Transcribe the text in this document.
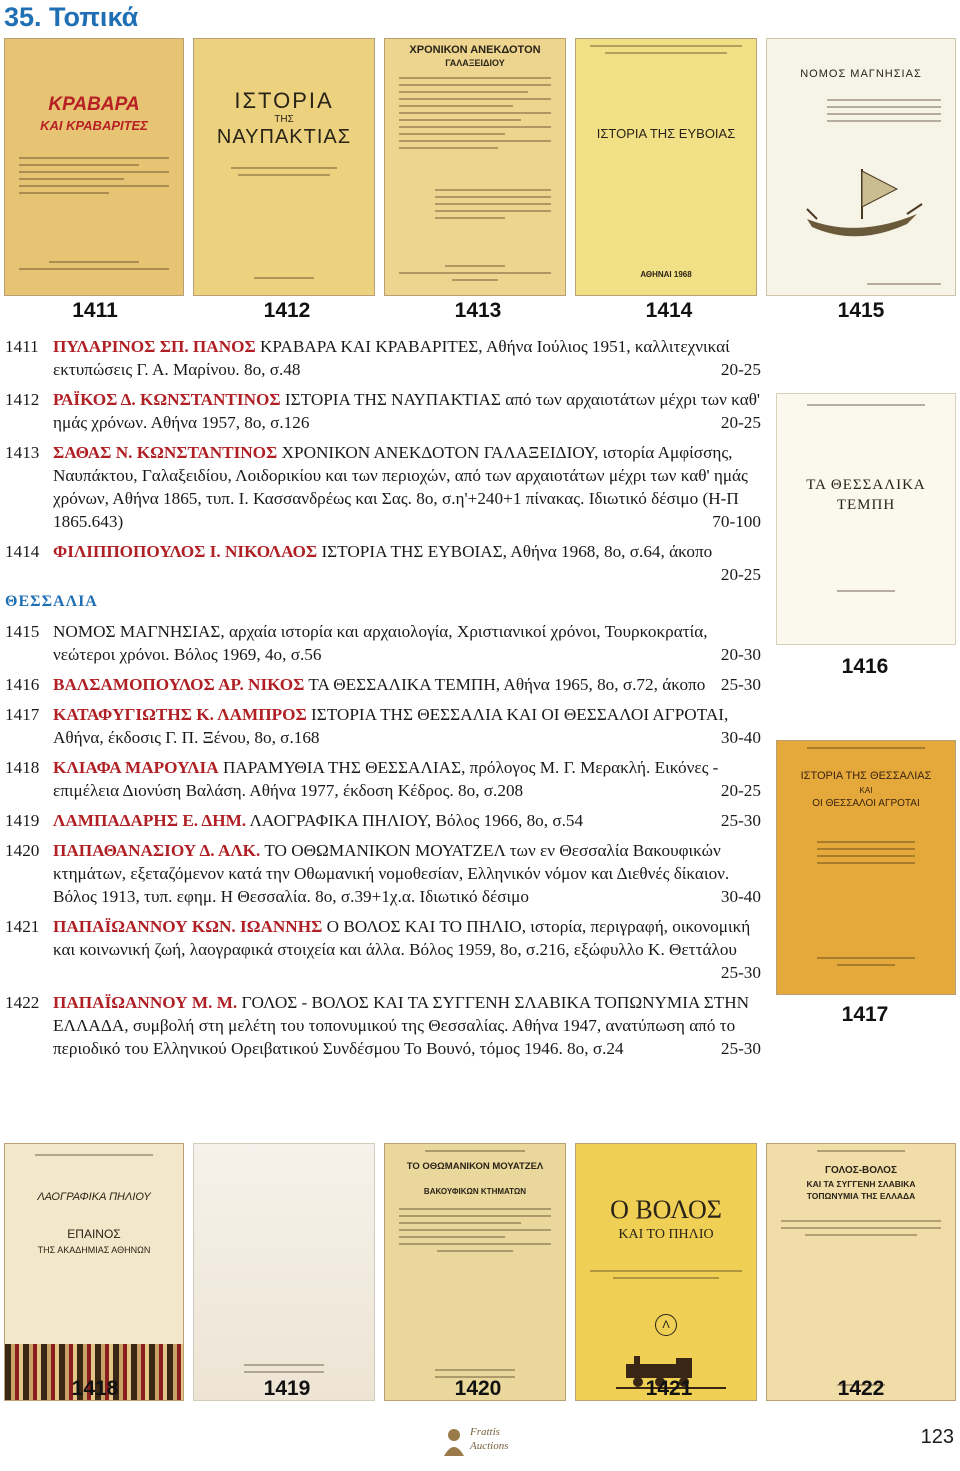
35. Τοπικά
ΚΡΑΒΑΡΑ
ΚΑΙ ΚΡΑΒΑΡΙΤΕΣ
ΙΣΤΟΡΙΑ
ΤΗΣ
ΝΑΥΠΑΚΤΙΑΣ
ΧΡΟΝΙΚΟΝ ΑΝΕΚΔΟΤΟΝ
ΓΑΛΑΞΕΙΔΙΟΥ
ΙΣΤΟΡΙΑ ΤΗΣ ΕΥΒΟΙΑΣ
ΑΘΗΝΑΙ 1968
ΝΟΜΟΣ ΜΑΓΝΗΣΙΑΣ
1411	1412	1413	1414	1415
ΤΑ ΘΕΣΣΑΛΙΚΑ
ΤΕΜΠΗ
1416
ΙΣΤΟΡΙΑ ΤΗΣ ΘΕΣΣΑΛΙΑΣ
ΚΑΙ
ΟΙ ΘΕΣΣΑΛΟΙ ΑΓΡΟΤΑΙ
1417
1411 ΠΥΛΑΡΙΝΟΣ ΣΠ. ΠΑΝΟΣ ΚΡΑΒΑΡΑ ΚΑΙ ΚΡΑΒΑΡΙΤΕΣ, Αθήνα Ιούλιος 1951, καλλιτεχνικαί εκτυπώσεις Γ. Α. Μαρίνου. 8ο, σ.48	20-25
1412 ΡΑΪΚΟΣ Δ. ΚΩΝΣΤΑΝΤΙΝΟΣ ΙΣΤΟΡΙΑ ΤΗΣ ΝΑΥΠΑΚΤΙΑΣ από των αρχαιοτάτων μέχρι των καθ' ημάς χρόνων. Αθήνα 1957, 8ο, σ.126	20-25
1413 ΣΑΘΑΣ Ν. ΚΩΝΣΤΑΝΤΙΝΟΣ ΧΡΟΝΙΚΟΝ ΑΝΕΚΔΟΤΟΝ ΓΑΛΑΞΕΙΔΙΟΥ, ιστορία Αμφίσσης, Ναυπάκτου, Γαλαξειδίου, Λοιδορικίου και των περιοχών, από των αρχαιοτάτων μέχρι των καθ' ημάς χρόνων, Αθήνα 1865, τυπ. Ι. Κασσανδρέως και Σας. 8ο, σ.η'+240+1 πίνακας. Ιδιωτικό δέσιμο (Η-Π 1865.643)	70-100
1414 ΦΙΛΙΠΠΟΠΟΥΛΟΣ Ι. ΝΙΚΟΛΑΟΣ ΙΣΤΟΡΙΑ ΤΗΣ ΕΥΒΟΙΑΣ, Αθήνα 1968, 8ο, σ.64, άκοπο
20-25
ΘΕΣΣΑΛΙΑ
1415 ΝΟΜΟΣ ΜΑΓΝΗΣΙΑΣ, αρχαία ιστορία και αρχαιολογία, Χριστιανικοί χρόνοι, Τουρκοκρατία, νεώτεροι χρόνοι. Βόλος 1969, 4ο, σ.56	20-30
1416 ΒΑΛΣΑΜΟΠΟΥΛΟΣ ΑΡ. ΝΙΚΟΣ ΤΑ ΘΕΣΣΑΛΙΚΑ ΤΕΜΠΗ, Αθήνα 1965, 8ο, σ.72, άκοπο 25-30
1417 ΚΑΤΑΦΥΓΙΩΤΗΣ Κ. ΛΑΜΠΡΟΣ ΙΣΤΟΡΙΑ ΤΗΣ ΘΕΣΣΑΛΙΑ ΚΑΙ ΟΙ ΘΕΣΣΑΛΟΙ ΑΓΡΟΤΑΙ, Αθήνα, έκδοσις Γ. Π. Ξένου, 8ο, σ.168	30-40
1418 ΚΛΙΑΦΑ ΜΑΡΟΥΛΙΑ ΠΑΡΑΜΥΘΙΑ ΤΗΣ ΘΕΣΣΑΛΙΑΣ, πρόλογος Μ. Γ. Μερακλή. Εικόνες - επιμέλεια Διονύση Βαλάση. Αθήνα 1977, έκδοση Κέδρος. 8ο, σ.208	20-25
1419 ΛΑΜΠΑΔΑΡΗΣ Ε. ΔΗΜ. ΛΑΟΓΡΑΦΙΚΑ ΠΗΛΙΟΥ, Βόλος 1966, 8ο, σ.54	25-30
1420 ΠΑΠΑΘΑΝΑΣΙΟΥ Δ. ΑΛΚ. ΤΟ ΟΘΩΜΑΝΙΚΟΝ ΜΟΥΑΤΖΕΛ των εν Θεσσαλία Βακουφικών κτημάτων, εξεταζόμενον κατά την Οθωμανική νομοθεσίαν, Ελληνικόν νόμον και Διεθνές δίκαιον. Βόλος 1913, τυπ. εφημ. Η Θεσσαλία. 8ο, σ.39+1χ.α. Ιδιωτικό δέσιμο	30-40
1421 ΠΑΠΑΪΩΑΝΝΟΥ ΚΩΝ. ΙΩΑΝΝΗΣ Ο ΒΟΛΟΣ ΚΑΙ ΤΟ ΠΗΛΙΟ, ιστορία, περιγραφή, οικονομική και κοινωνική ζωή, λαογραφικά στοιχεία και άλλα. Βόλος 1959, 8ο, σ.216, εξώφυλλο Κ. Θεττάλου
25-30
1422 ΠΑΠΑΪΩΑΝΝΟΥ Μ. Μ. ΓΟΛΟΣ - ΒΟΛΟΣ ΚΑΙ ΤΑ ΣΥΓΓΕΝΗ ΣΛΑΒΙΚΑ ΤΟΠΩΝΥΜΙΑ ΣΤΗΝ ΕΛΛΑΔΑ, συμβολή στη μελέτη του τοπονυμικού της Θεσσαλίας. Αθήνα 1947, ανατύπωση από το περιοδικό του Ελληνικού Ορειβατικού Συνδέσμου Το Βουνό, τόμος 1946. 8ο, σ.24	25-30
ΛΑΟΓΡΑΦΙΚΑ ΠΗΛΙΟΥ
ΕΠΑΙΝΟΣ
ΤΗΣ ΑΚΑΔΗΜΙΑΣ ΑΘΗΝΩΝ
ΤΟ ΟΘΩΜΑΝΙΚΟΝ ΜΟΥΑΤΖΕΛ
ΒΑΚΟΥΦΙΚΩΝ ΚΤΗΜΑΤΩΝ
Ο ΒΟΛΟΣ
ΚΑΙ ΤΟ ΠΗΛΙΟ
Λ
ΓΟΛΟΣ-ΒΟΛΟΣ
ΚΑΙ ΤΑ ΣΥΓΓΕΝΗ ΣΛΑΒΙΚΑ
ΤΟΠΩΝΥΜΙΑ ΤΗΣ ΕΛΛΑΔΑ
1418	1419	1420	1421	1422
Frattis
Auctions	123
